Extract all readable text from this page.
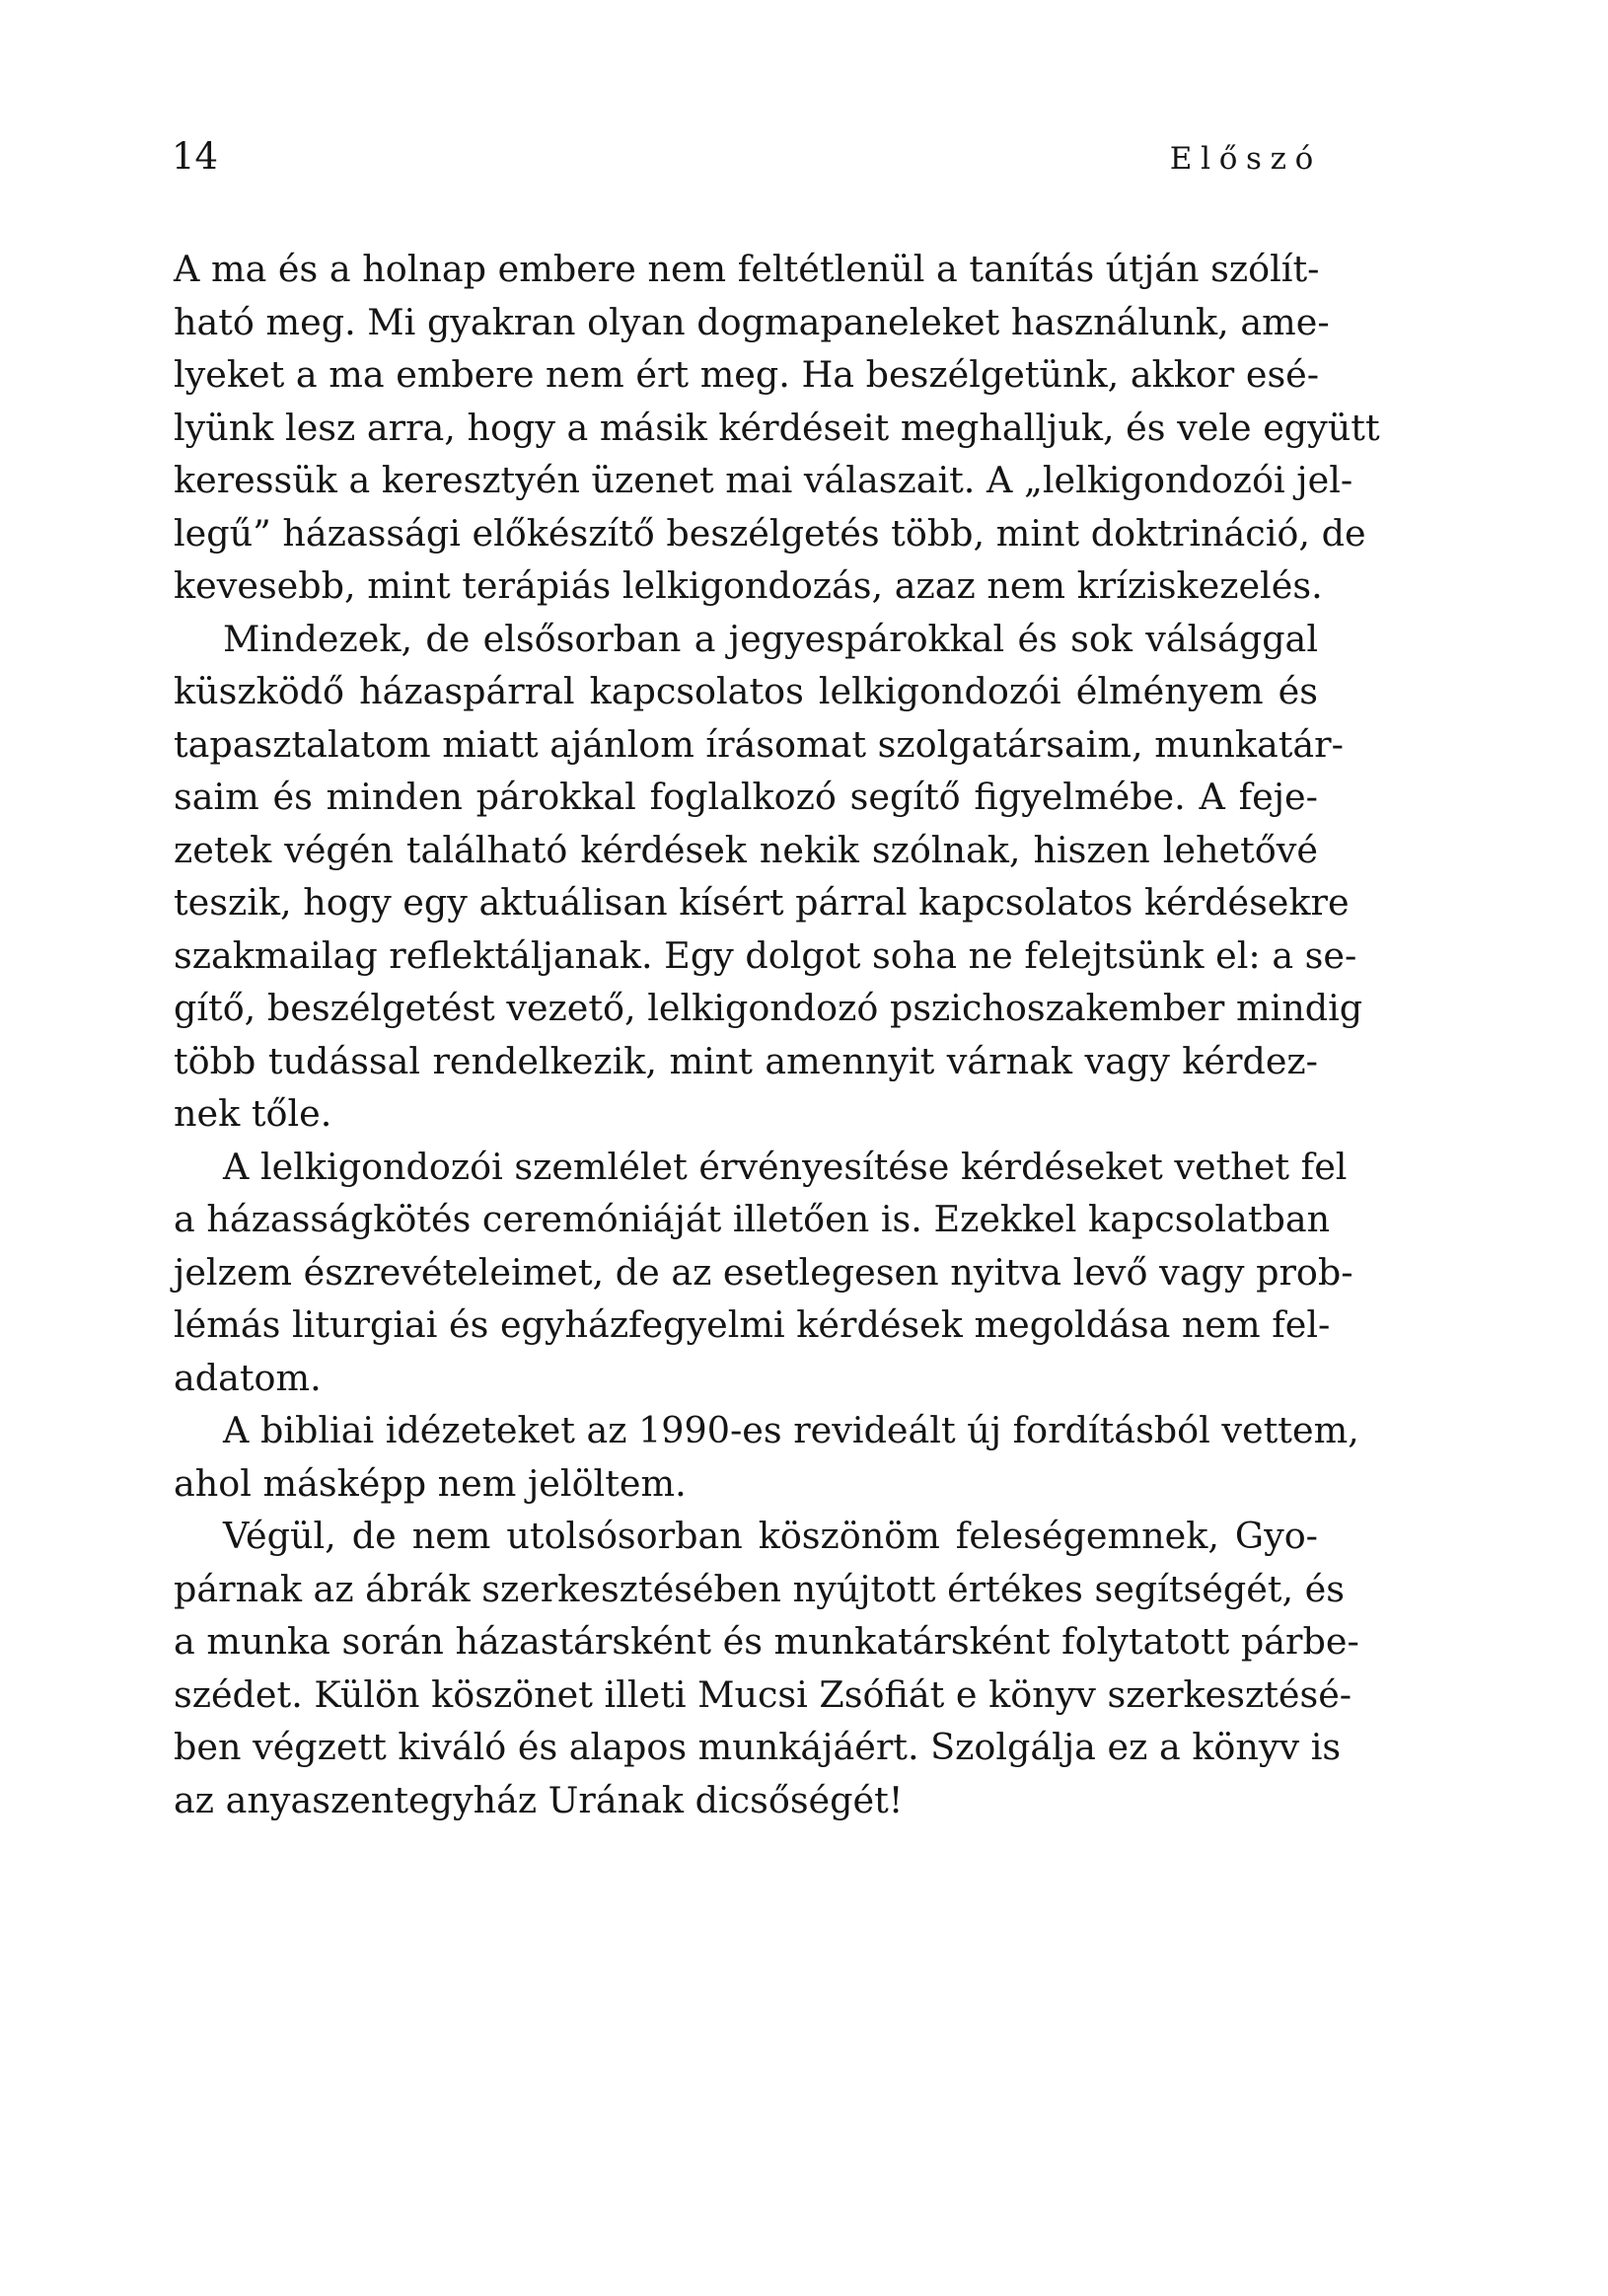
14	Előszó
A ma és a holnap embere nem feltétlenül a tanítás útján szólít-
ható meg. Mi gyakran olyan dogmapaneleket használunk, ame-
lyeket a ma embere nem ért meg. Ha beszélgetünk, akkor esé-
lyünk lesz arra, hogy a másik kérdéseit meghalljuk, és vele együtt
keressük a keresztyén üzenet mai válaszait. A „lelkigondozói jel-
legű” házassági előkészítő beszélgetés több, mint doktrináció, de
kevesebb, mint terápiás lelkigondozás, azaz nem kríziskezelés.
Mindezek, de elsősorban a jegyespárokkal és sok válsággal
küszködő házaspárral kapcsolatos lelkigondozói élményem és
tapasztalatom miatt ajánlom írásomat szolgatársaim, munkatár-
saim és minden párokkal foglalkozó segítő figyelmébe. A feje-
zetek végén található kérdések nekik szólnak, hiszen lehetővé
teszik, hogy egy aktuálisan kísért párral kapcsolatos kérdésekre
szakmailag reflektáljanak. Egy dolgot soha ne felejtsünk el: a se-
gítő, beszélgetést vezető, lelkigondozó pszichoszakember mindig
több tudással rendelkezik, mint amennyit várnak vagy kérdez-
nek tőle.
A lelkigondozói szemlélet érvényesítése kérdéseket vethet fel
a házasságkötés ceremóniáját illetően is. Ezekkel kapcsolatban
jelzem észrevételeimet, de az esetlegesen nyitva levő vagy prob-
lémás liturgiai és egyházfegyelmi kérdések megoldása nem fel-
adatom.
A bibliai idézeteket az 1990-es revideált új fordításból vettem,
ahol másképp nem jelöltem.
Végül, de nem utolsósorban köszönöm feleségemnek, Gyo-
párnak az ábrák szerkesztésében nyújtott értékes segítségét, és
a munka során házastársként és munkatársként folytatott párbe-
szédet. Külön köszönet illeti Mucsi Zsófiát e könyv szerkesztésé-
ben végzett kiváló és alapos munkájáért. Szolgálja ez a könyv is
az anyaszentegyház Urának dicsőségét!
